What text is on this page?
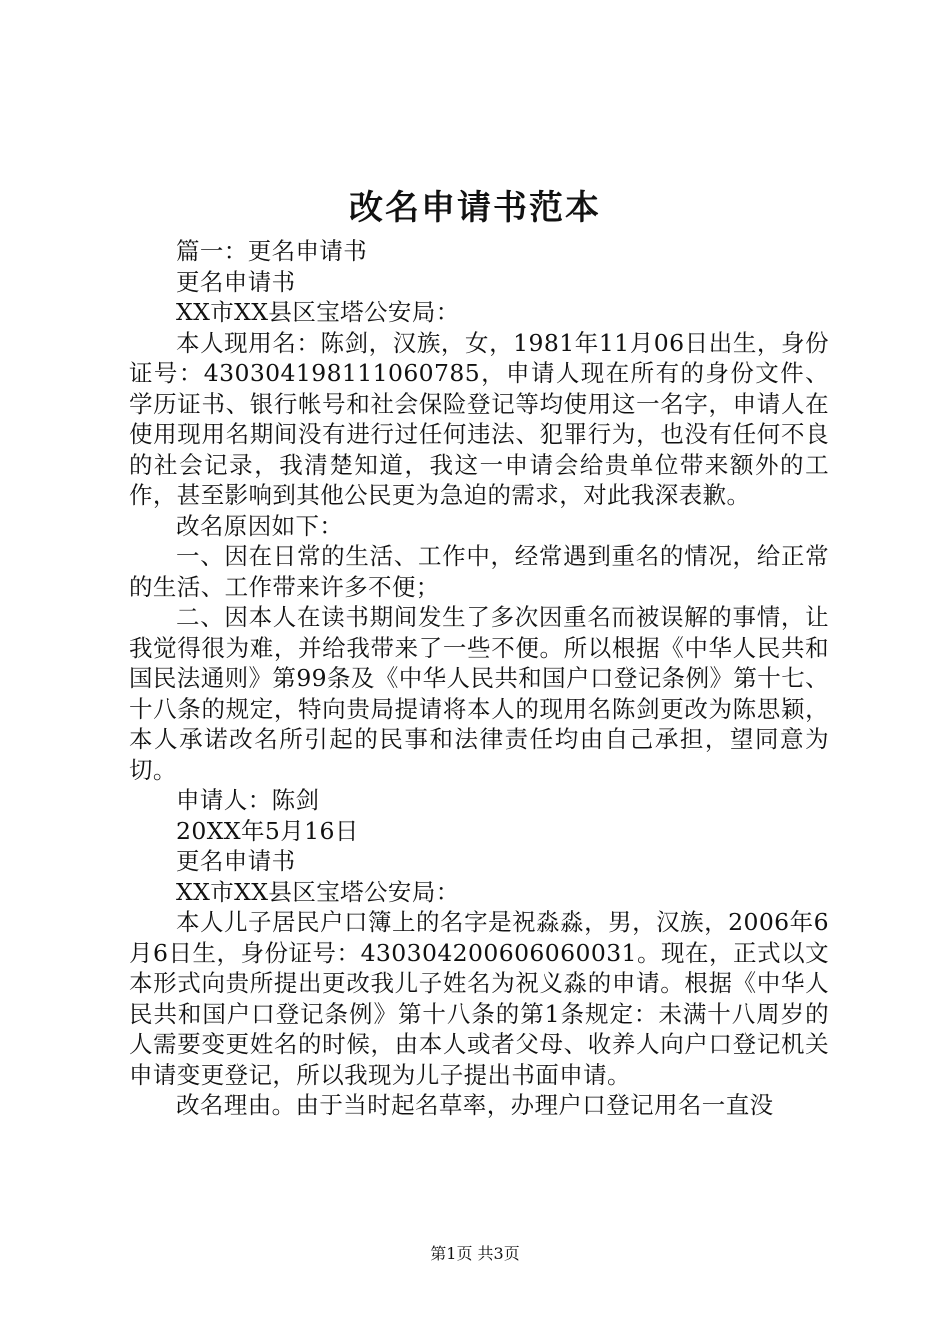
改名申请书范本

篇一：更名申请书

更名申请书

XX市XX县区宝塔公安局：

本人现用名：陈剑，汉族，女，1981年11月06日出生，身份证号：430304198111060785，申请人现在所有的身份文件、学历证书、银行帐号和社会保险登记等均使用这一名字，申请人在使用现用名期间没有进行过任何违法、犯罪行为，也没有任何不良的社会记录，我清楚知道，我这一申请会给贵单位带来额外的工作，甚至影响到其他公民更为急迫的需求，对此我深表歉。

改名原因如下：

一、因在日常的生活、工作中，经常遇到重名的情况，给正常的生活、工作带来许多不便；

二、因本人在读书期间发生了多次因重名而被误解的事情，让我觉得很为难，并给我带来了一些不便。所以根据《中华人民共和国民法通则》第99条及《中华人民共和国户口登记条例》第十七、十八条的规定，特向贵局提请将本人的现用名陈剑更改为陈思颖，本人承诺改名所引起的民事和法律责任均由自己承担，望同意为切。

申请人：陈剑

20XX年5月16日

更名申请书

XX市XX县区宝塔公安局：

本人儿子居民户口簿上的名字是祝淼淼，男，汉族，2006年6月6日生，身份证号：430304200606060031。现在，正式以文本形式向贵所提出更改我儿子姓名为祝义淼的申请。根据《中华人民共和国户口登记条例》第十八条的第1条规定：未满十八周岁的人需要变更姓名的时候，由本人或者父母、收养人向户口登记机关申请变更登记，所以我现为儿子提出书面申请。

改名理由。由于当时起名草率，办理户口登记用名一直没

第1页 共3页
